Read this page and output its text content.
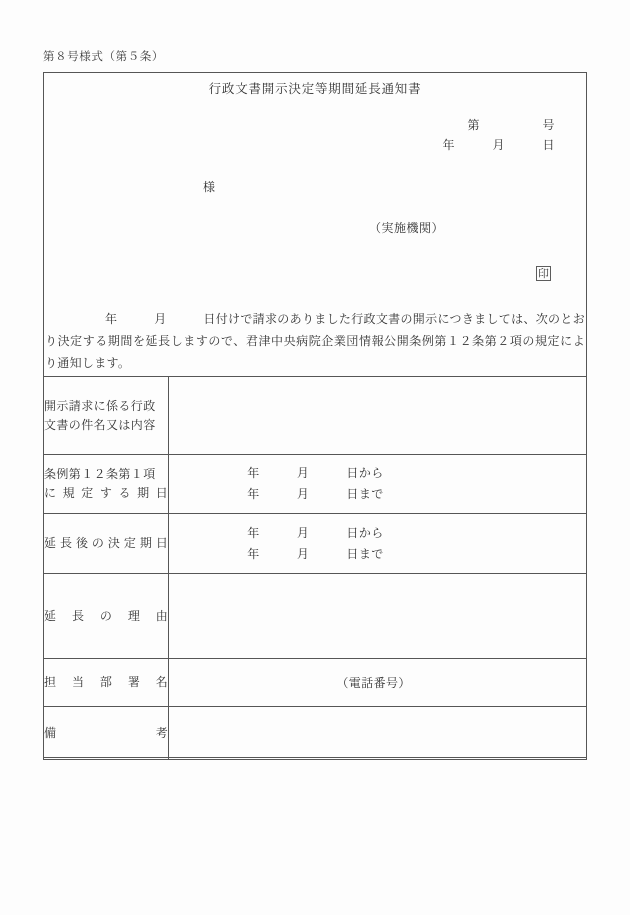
第８号様式（第５条）
行政文書開示決定等期間延長通知書
第　　　　　号
年　　　月　　　日
様
（実施機関）
印
年　　　月　　　日付けで請求のありました行政文書の開示につきましては、次のとおり決定する期間を延長しますので、君津中央病院企業団情報公開条例第１２条第２項の規定により通知します。
開示請求に係る行政
文書の件名又は内容	

条例第１２条第１項
に規定する期日	年　　　月　　　日から
年　　　月　　　日まで

延長後の決定期日	年　　　月　　　日から
年　　　月　　　日まで

延長の理由	

担当部署名	（電話番号）

備考	
